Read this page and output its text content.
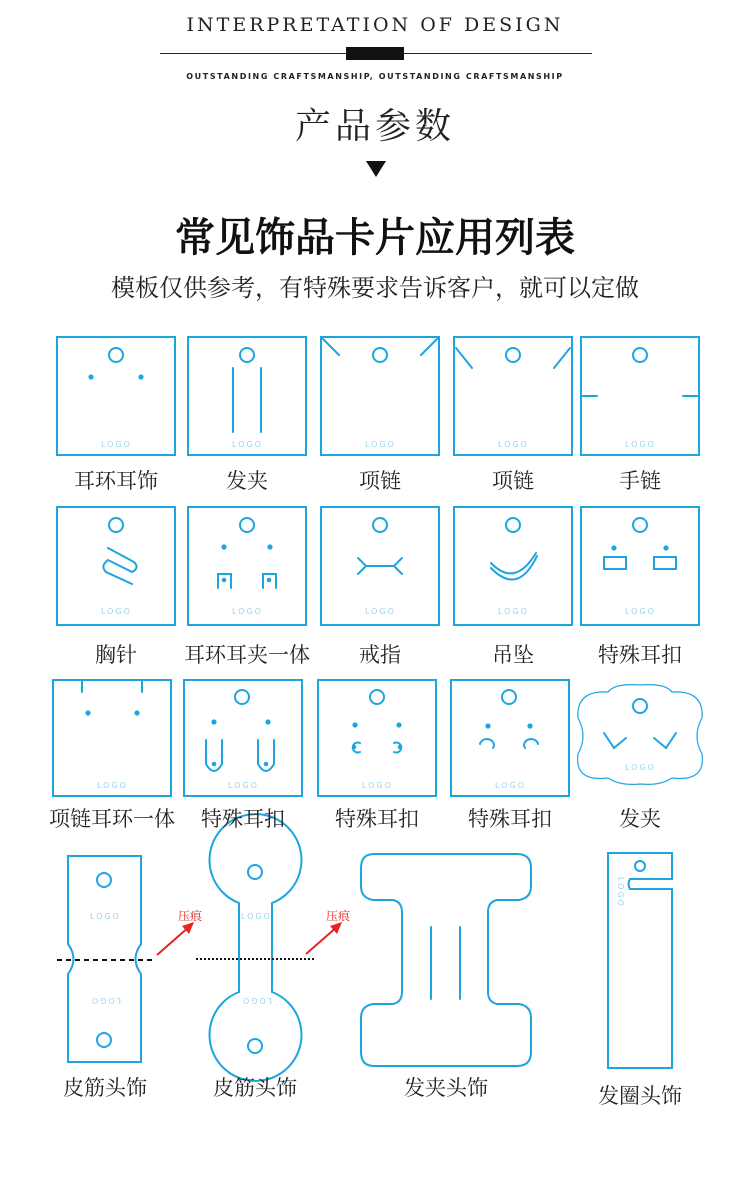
INTERPRETATION OF DESIGN
OUTSTANDING CRAFTSMANSHIP, OUTSTANDING CRAFTSMANSHIP
产品参数
常见饰品卡片应用列表
模板仅供参考，有特殊要求告诉客户，就可以定做
LOGO	LOGO	LOGO	LOGO	LOGO
LOGO	LOGO	LOGO	LOGO	LOGO
LOGO	LOGO	LOGO	LOGO
LOGO
LOGO
LOGO
LOGO
LOGO
LOGO
压痕	压痕
耳环耳饰	发夹	项链	项链	手链
胸针 耳环耳夹一体 戒指	吊坠	特殊耳扣
项链耳环一体 特殊耳扣 特殊耳扣 特殊耳扣	发夹
皮筋头饰	皮筋头饰	发夹头饰	发圈头饰
